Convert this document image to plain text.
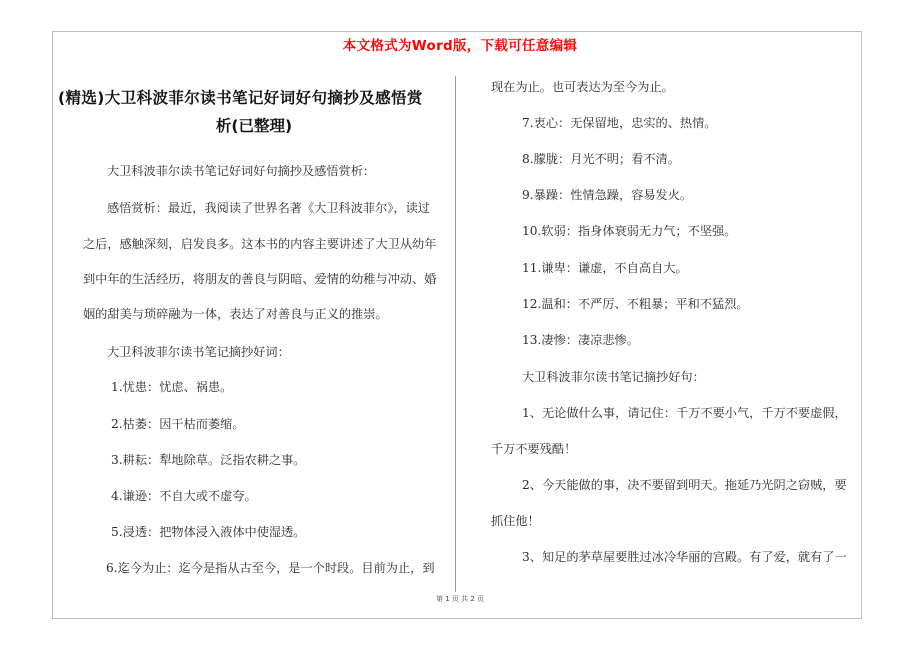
本文格式为Word版，下载可任意编辑
(精选)大卫科波菲尔读书笔记好词好句摘抄及感悟赏
析(已整理)

大卫科波菲尔读书笔记好词好句摘抄及感悟赏析：

感悟赏析：最近，我阅读了世界名著《大卫科波菲尔》，读过

之后，感触深刻，启发良多。这本书的内容主要讲述了大卫从幼年

到中年的生活经历，将朋友的善良与阴暗、爱情的幼稚与冲动、婚

姻的甜美与琐碎融为一体，表达了对善良与正义的推崇。

大卫科波菲尔读书笔记摘抄好词：

1.忧患：忧虑、祸患。

2.枯萎：因干枯而萎缩。

3.耕耘：犁地除草。泛指农耕之事。

4.谦逊：不自大或不虚夸。

5.浸透：把物体浸入液体中使湿透。

6.迄今为止：迄今是指从古至今，是一个时段。目前为止，到

现在为止。也可表达为至今为止。

7.衷心：无保留地，忠实的、热情。

8.朦胧：月光不明；看不清。

9.暴躁：性情急躁，容易发火。

10.软弱：指身体衰弱无力气；不坚强。

11.谦卑：谦虚，不自高自大。

12.温和：不严厉、不粗暴；平和不猛烈。

13.凄惨：凄凉悲惨。

大卫科波菲尔读书笔记摘抄好句：

1、无论做什么事，请记住：千万不要小气，千万不要虚假，

千万不要残酷！

2、今天能做的事，决不要留到明天。拖延乃光阴之窃贼，要

抓住他！

3、知足的茅草屋要胜过冰冷华丽的宫殿。有了爱，就有了一

第 1 页 共 2 页
